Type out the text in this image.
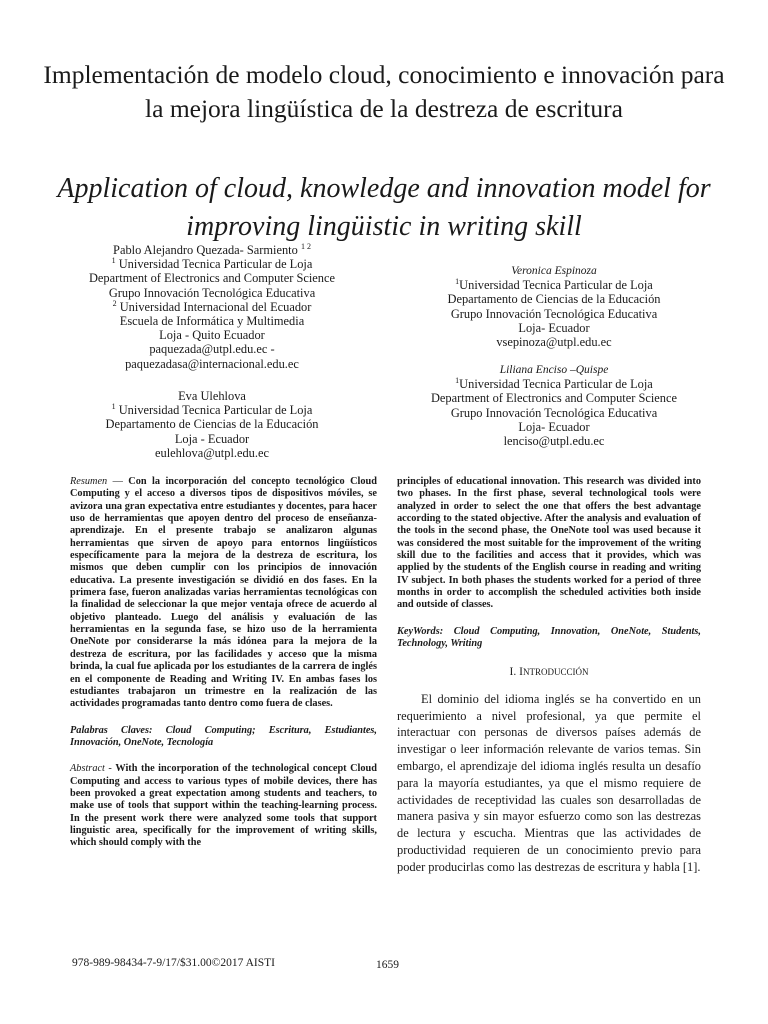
Implementación de modelo cloud, conocimiento e innovación para la mejora lingüística de la destreza de escritura
Application of cloud, knowledge and innovation model for improving lingüistic in writing skill
Pablo Alejandro Quezada- Sarmiento $^{1 2}$
$^1$ Universidad Tecnica Particular de Loja
Department of Electronics and Computer Science
Grupo Innovación Tecnológica Educativa
$^2$ Universidad Internacional del Ecuador
Escuela de Informática y Multimedia
Loja - Quito Ecuador
paquezada@utpl.edu.ec -
paquezadasa@internacional.edu.ec
Eva Ulehlova
$^1$ Universidad Tecnica Particular de Loja
Departamento de Ciencias de la Educación
Loja - Ecuador
eulehlova@utpl.edu.ec
Veronica Espinoza
$^1$Universidad Tecnica Particular de Loja
Departamento de Ciencias de la Educación
Grupo Innovación Tecnológica Educativa
Loja- Ecuador
vsepinoza@utpl.edu.ec
Liliana Enciso –Quispe
$^1$Universidad Tecnica Particular de Loja
Department of Electronics and Computer Science
Grupo Innovación Tecnológica Educativa
Loja- Ecuador
lenciso@utpl.edu.ec

Resumen — Con la incorporación del concepto tecnológico Cloud Computing y el acceso a diversos tipos de dispositivos móviles, se avizora una gran expectativa entre estudiantes y docentes, para hacer uso de herramientas que apoyen dentro del proceso de enseñanza-aprendizaje. En el presente trabajo se analizaron algunas herramientas que sirven de apoyo para entornos lingüísticos específicamente para la mejora de la destreza de escritura, los mismos que deben cumplir con los principios de innovación educativa. La presente investigación se dividió en dos fases. En la primera fase, fueron analizadas varias herramientas tecnológicas con la finalidad de seleccionar la que mejor ventaja ofrece de acuerdo al objetivo planteado. Luego del análisis y evaluación de las herramientas en la segunda fase, se hizo uso de la herramienta OneNote por considerarse la más idónea para la mejora de la destreza de escritura, por las facilidades y acceso que la misma brinda, la cual fue aplicada por los estudiantes de la carrera de inglés en el componente de Reading and Writing IV. En ambas fases los estudiantes trabajaron un trimestre en la realización de las actividades programadas tanto dentro como fuera de clases.

Palabras Claves: Cloud Computing; Escritura, Estudiantes, Innovación, OneNote, Tecnología

Abstract - With the incorporation of the technological concept Cloud Computing and access to various types of mobile devices, there has been provoked a great expectation among students and teachers, to make use of tools that support within the teaching-learning process. In the present work there were analyzed some tools that support linguistic area, specifically for the improvement of writing skills, which should comply with the

principles of educational innovation. This research was divided into two phases. In the first phase, several technological tools were analyzed in order to select the one that offers the best advantage according to the stated objective. After the analysis and evaluation of the tools in the second phase, the OneNote tool was used because it was considered the most suitable for the improvement of the writing skill due to the facilities and access that it provides, which was applied by the students of the English course in reading and writing IV subject. In both phases the students worked for a period of three months in order to accomplish the scheduled activities both inside and outside of classes.

KeyWords: Cloud Computing, Innovation, OneNote, Students, Technology, Writing

I. INTRODUCCIÓN

El dominio del idioma inglés se ha convertido en un requerimiento a nivel profesional, ya que permite el interactuar con personas de diversos países además de investigar o leer información relevante de varios temas. Sin embargo, el aprendizaje del idioma inglés resulta un desafío para la mayoría estudiantes, ya que el mismo requiere de actividades de receptividad las cuales son desarrolladas de manera pasiva y sin mayor esfuerzo como son las destrezas de lectura y escucha. Mientras que las actividades de productividad requieren de un conocimiento previo para poder producirlas como las destrezas de escritura y habla [1].

978-989-98434-7-9/17/$31.00©2017 AISTI	1659
